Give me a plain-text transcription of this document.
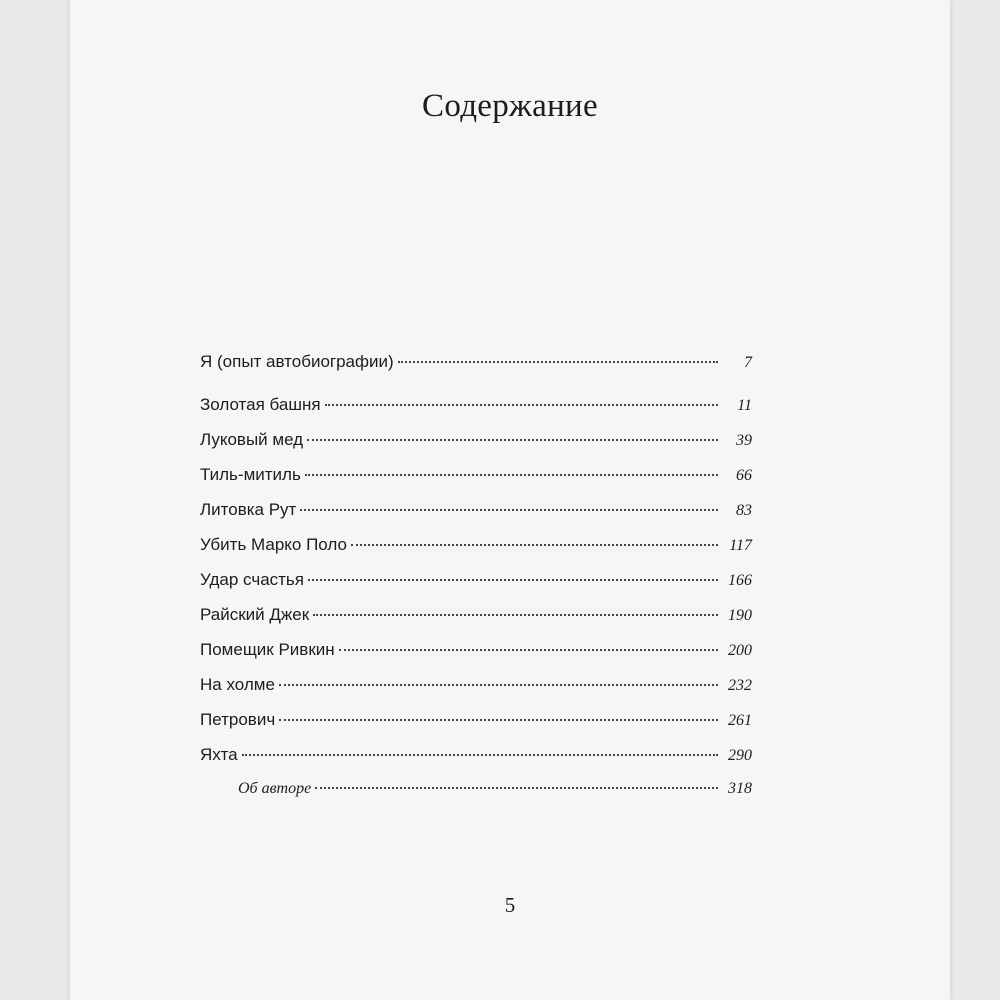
Содержание
Я (опыт автобиографии)	7
Золотая башня	11
Луковый мед	39
Тиль-митиль	66
Литовка Рут	83
Убить Марко Поло	117
Удар счастья	166
Райский Джек	190
Помещик Ривкин	200
На холме	232
Петрович	261
Яхта	290
Об авторе	318
5
